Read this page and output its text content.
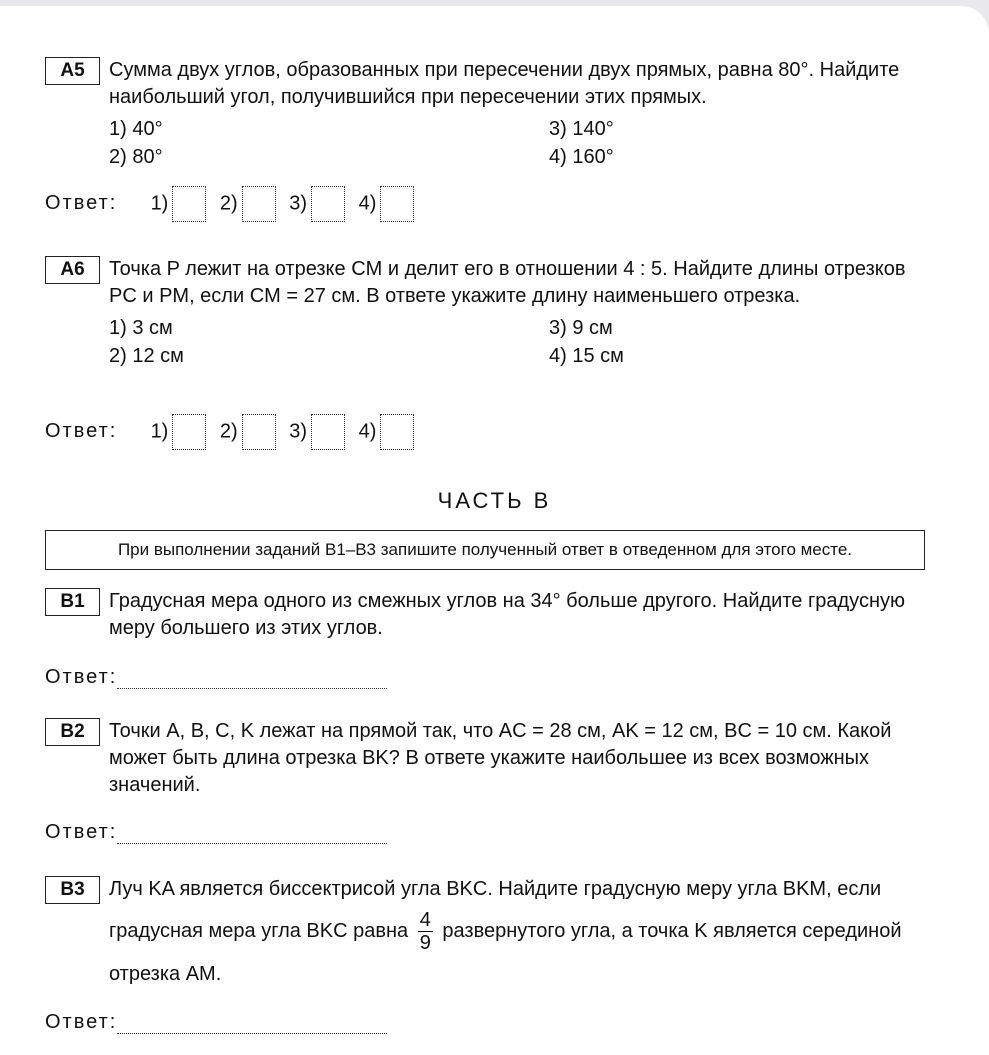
А5	Сумма двух углов, образованных при пересечении двух прямых, равна 80°. Найдите наибольший угол, получившийся при пересечении этих прямых.
1) 40°
2) 80°
3) 140°
4) 160°
Ответ: 1)	2)	3)	4)
А6	Точка P лежит на отрезке CM и делит его в отношении 4 : 5. Найдите длины отрезков PC и PM, если CM = 27 см. В ответе укажите длину наименьшего отрезка.
1) 3 см
2) 12 см
3) 9 см
4) 15 см
Ответ: 1)	2)	3)	4)
ЧАСТЬ В
При выполнении заданий В1–В3 запишите полученный ответ в отведенном для этого месте.
В1	Градусная мера одного из смежных углов на 34° больше другого. Найдите градусную меру большего из этих углов.
Ответ:
В2	Точки A, B, C, K лежат на прямой так, что AC = 28 см, AK = 12 см, BC = 10 см. Какой может быть длина отрезка BK? В ответе укажите наибольшее из всех возможных значений.
Ответ:
В3	Луч KA является биссектрисой угла BKC. Найдите градусную меру угла BKM, если градусная мера угла BKC равна $\frac{4}{9}$ развернутого угла, а точка K является серединой отрезка AM.
Ответ:
